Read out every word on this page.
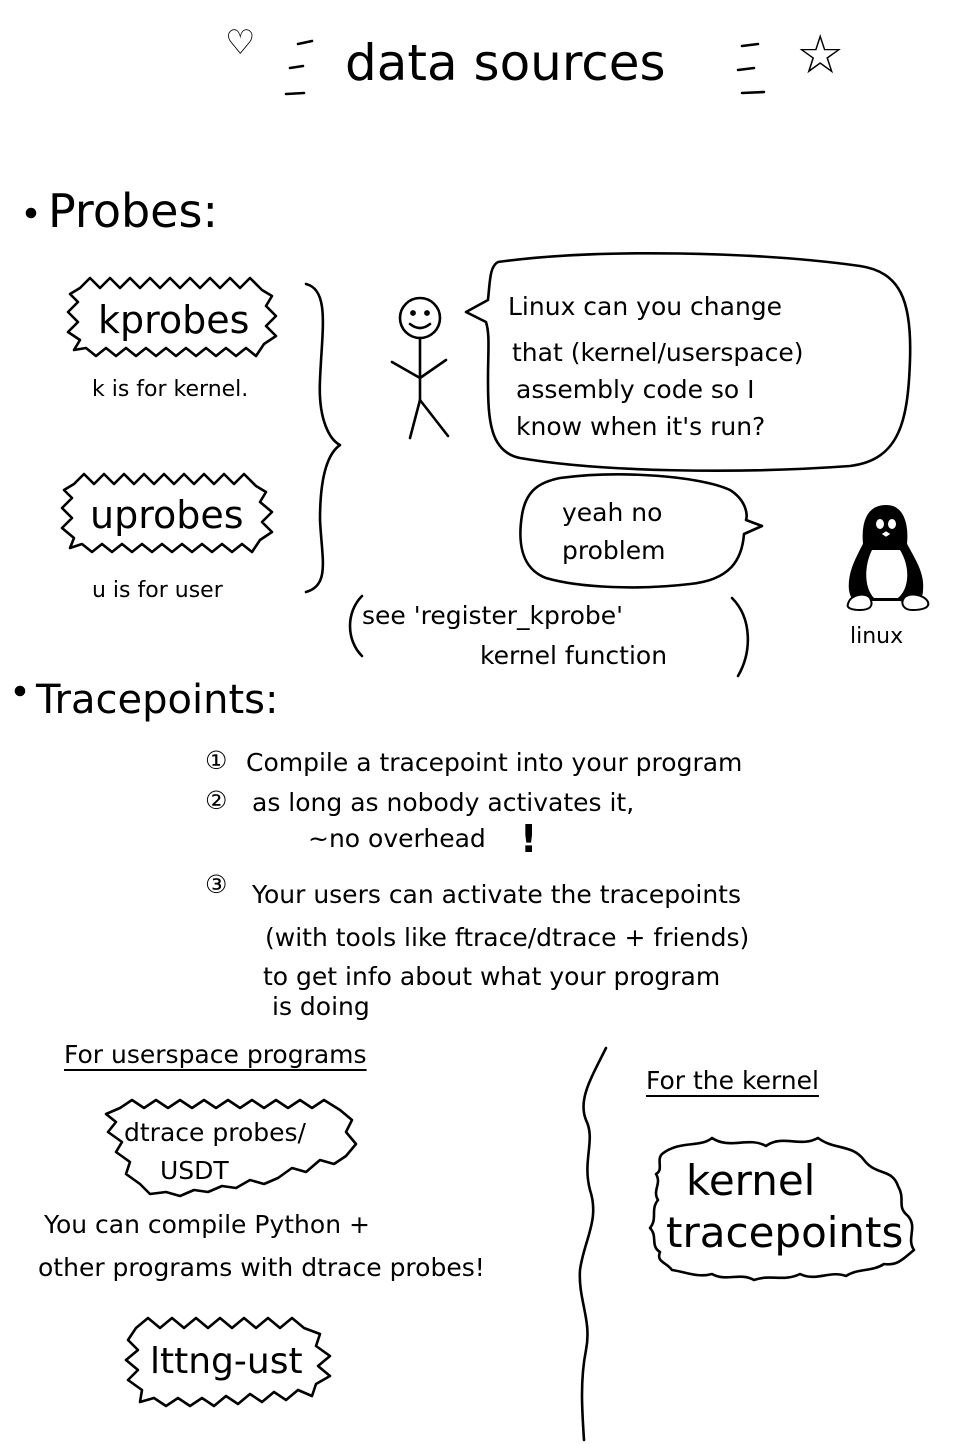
data sources
♡	☆
Probes:
kprobes
k is for kernel.
uprobes
u is for user
Linux can you change
that (kernel/userspace)
assembly code so I
know when it's run?
yeah no
problem
linux
see 'register_kprobe'
kernel function
Tracepoints:
① Compile a tracepoint into your program
② as long as nobody activates it,
~no overhead !
③ Your users can activate the tracepoints
(with tools like ftrace/dtrace + friends)
to get info about what your program
is doing
For userspace programs
dtrace probes/
USDT
You can compile Python +
other programs with dtrace probes!
lttng-ust
For the kernel
kernel
tracepoints
